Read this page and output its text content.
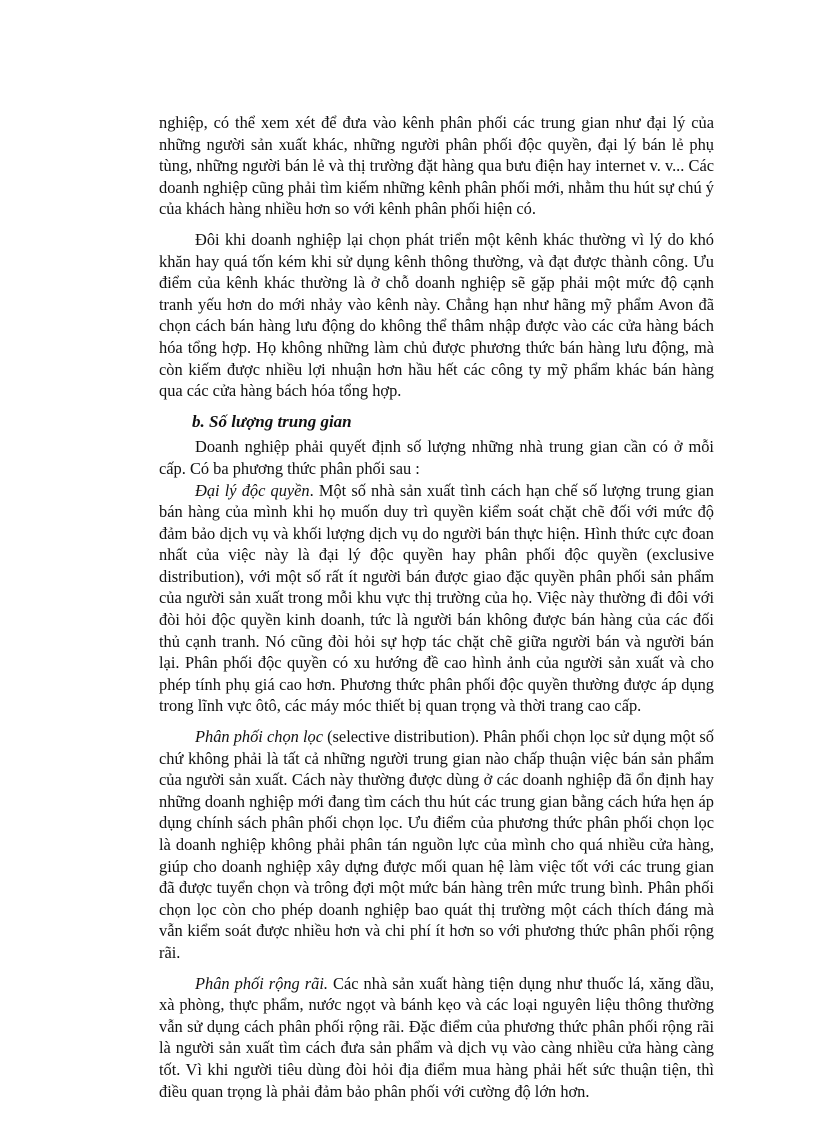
nghiệp, có thể xem xét để đưa vào kênh phân phối các trung gian như đại lý của những người sản xuất khác, những người phân phối độc quyền, đại lý bán lẻ phụ tùng, những người bán lẻ và thị trường đặt hàng qua bưu điện hay internet v. v... Các doanh nghiệp cũng phải tìm kiếm những kênh phân phối mới, nhằm thu hút sự chú ý của khách hàng nhiều hơn so với kênh phân phối hiện có.

Đôi khi doanh nghiệp lại chọn phát triển một kênh khác thường vì lý do khó khăn hay quá tốn kém khi sử dụng kênh thông thường, và đạt được thành công. Ưu điểm của kênh khác thường là ở chỗ doanh nghiệp sẽ gặp phải một mức độ cạnh tranh yếu hơn do mới nhảy vào kênh này. Chẳng hạn như hãng mỹ phẩm Avon đã chọn cách bán hàng lưu động do không thể thâm nhập được vào các cửa hàng bách hóa tổng hợp. Họ không những làm chủ được phương thức bán hàng lưu động, mà còn kiếm được nhiều lợi nhuận hơn hầu hết các công ty mỹ phẩm khác bán hàng qua các cửa hàng bách hóa tổng hợp.

b. Số lượng trung gian

Doanh nghiệp phải quyết định số lượng những nhà trung gian cần có ở mỗi cấp. Có ba phương thức phân phối sau :

Đại lý độc quyền. Một số nhà sản xuất tình cách hạn chế số lượng trung gian bán hàng của mình khi họ muốn duy trì quyền kiểm soát chặt chẽ đối với mức độ đảm bảo dịch vụ và khối lượng dịch vụ do người bán thực hiện. Hình thức cực đoan nhất của việc này là đại lý độc quyền hay phân phối độc quyền (exclusive distribution), với một số rất ít người bán được giao đặc quyền phân phối sản phẩm của người sản xuất trong mỗi khu vực thị trường của họ. Việc này thường đi đôi với đòi hỏi độc quyền kinh doanh, tức là người bán không được bán hàng của các đối thủ cạnh tranh. Nó cũng đòi hỏi sự hợp tác chặt chẽ giữa người bán và người bán lại. Phân phối độc quyền có xu hướng đề cao hình ảnh của người sản xuất và cho phép tính phụ giá cao hơn. Phương thức phân phối độc quyền thường được áp dụng trong lĩnh vực ôtô, các máy móc thiết bị quan trọng và thời trang cao cấp.

Phân phối chọn lọc (selective distribution). Phân phối chọn lọc sử dụng một số chứ không phải là tất cả những người trung gian nào chấp thuận việc bán sản phẩm của người sản xuất. Cách này thường được dùng ở các doanh nghiệp đã ổn định hay những doanh nghiệp mới đang tìm cách thu hút các trung gian bằng cách hứa hẹn áp dụng chính sách phân phối chọn lọc. Ưu điểm của phương thức phân phối chọn lọc là doanh nghiệp không phải phân tán nguồn lực của mình cho quá nhiều cửa hàng, giúp cho doanh nghiệp xây dựng được mối quan hệ làm việc tốt với các trung gian đã được tuyển chọn và trông đợi một mức bán hàng trên mức trung bình. Phân phối chọn lọc còn cho phép doanh nghiệp bao quát thị trường một cách thích đáng mà vẫn kiểm soát được nhiều hơn và chi phí ít hơn so với phương thức phân phối rộng rãi.

Phân phối rộng rãi. Các nhà sản xuất hàng tiện dụng như thuốc lá, xăng dầu, xà phòng, thực phẩm, nước ngọt và bánh kẹo và các loại nguyên liệu thông thường vẫn sử dụng cách phân phối rộng rãi. Đặc điểm của phương thức phân phối rộng rãi là người sản xuất tìm cách đưa sản phẩm và dịch vụ vào càng nhiều cửa hàng càng tốt. Vì khi người tiêu dùng đòi hỏi địa điểm mua hàng phải hết sức thuận tiện, thì điều quan trọng là phải đảm bảo phân phối với cường độ lớn hơn.
